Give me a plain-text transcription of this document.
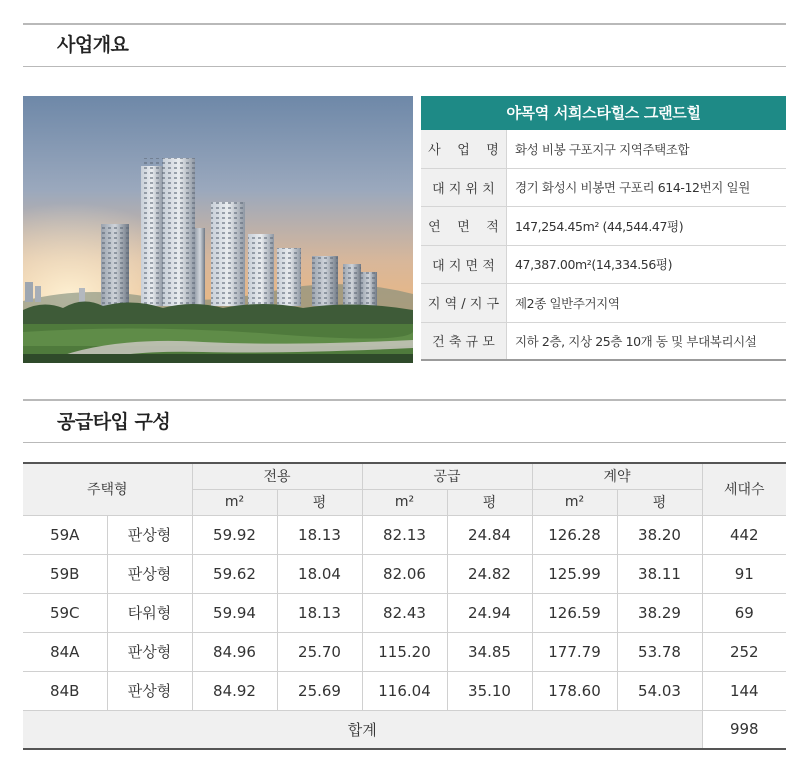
사업개요
야목역 서희스타힐스 그랜드힐
사    업    명	화성 비봉 구포지구 지역주택조합
대 지 위 치	경기 화성시 비봉면 구포리 614-12번지 일원
연    면    적	147,254.45m² (44,544.47평)
대 지 면 적	47,387.00m²(14,334.56평)
지 역 / 지 구	제2종 일반주거지역
건 축 규 모	지하 2층, 지상 25층 10개 동 및 부대복리시설
공급타입 구성
주택형		전용		공급		계약		세대수
		m²	평	m²	평	m²	평	
59A	판상형	59.92	18.13	82.13	24.84	126.28	38.20	442
59B	판상형	59.62	18.04	82.06	24.82	125.99	38.11	91
59C	타워형	59.94	18.13	82.43	24.94	126.59	38.29	69
84A	판상형	84.96	25.70	115.20	34.85	177.79	53.78	252
84B	판상형	84.92	25.69	116.04	35.10	178.60	54.03	144
합계								998
